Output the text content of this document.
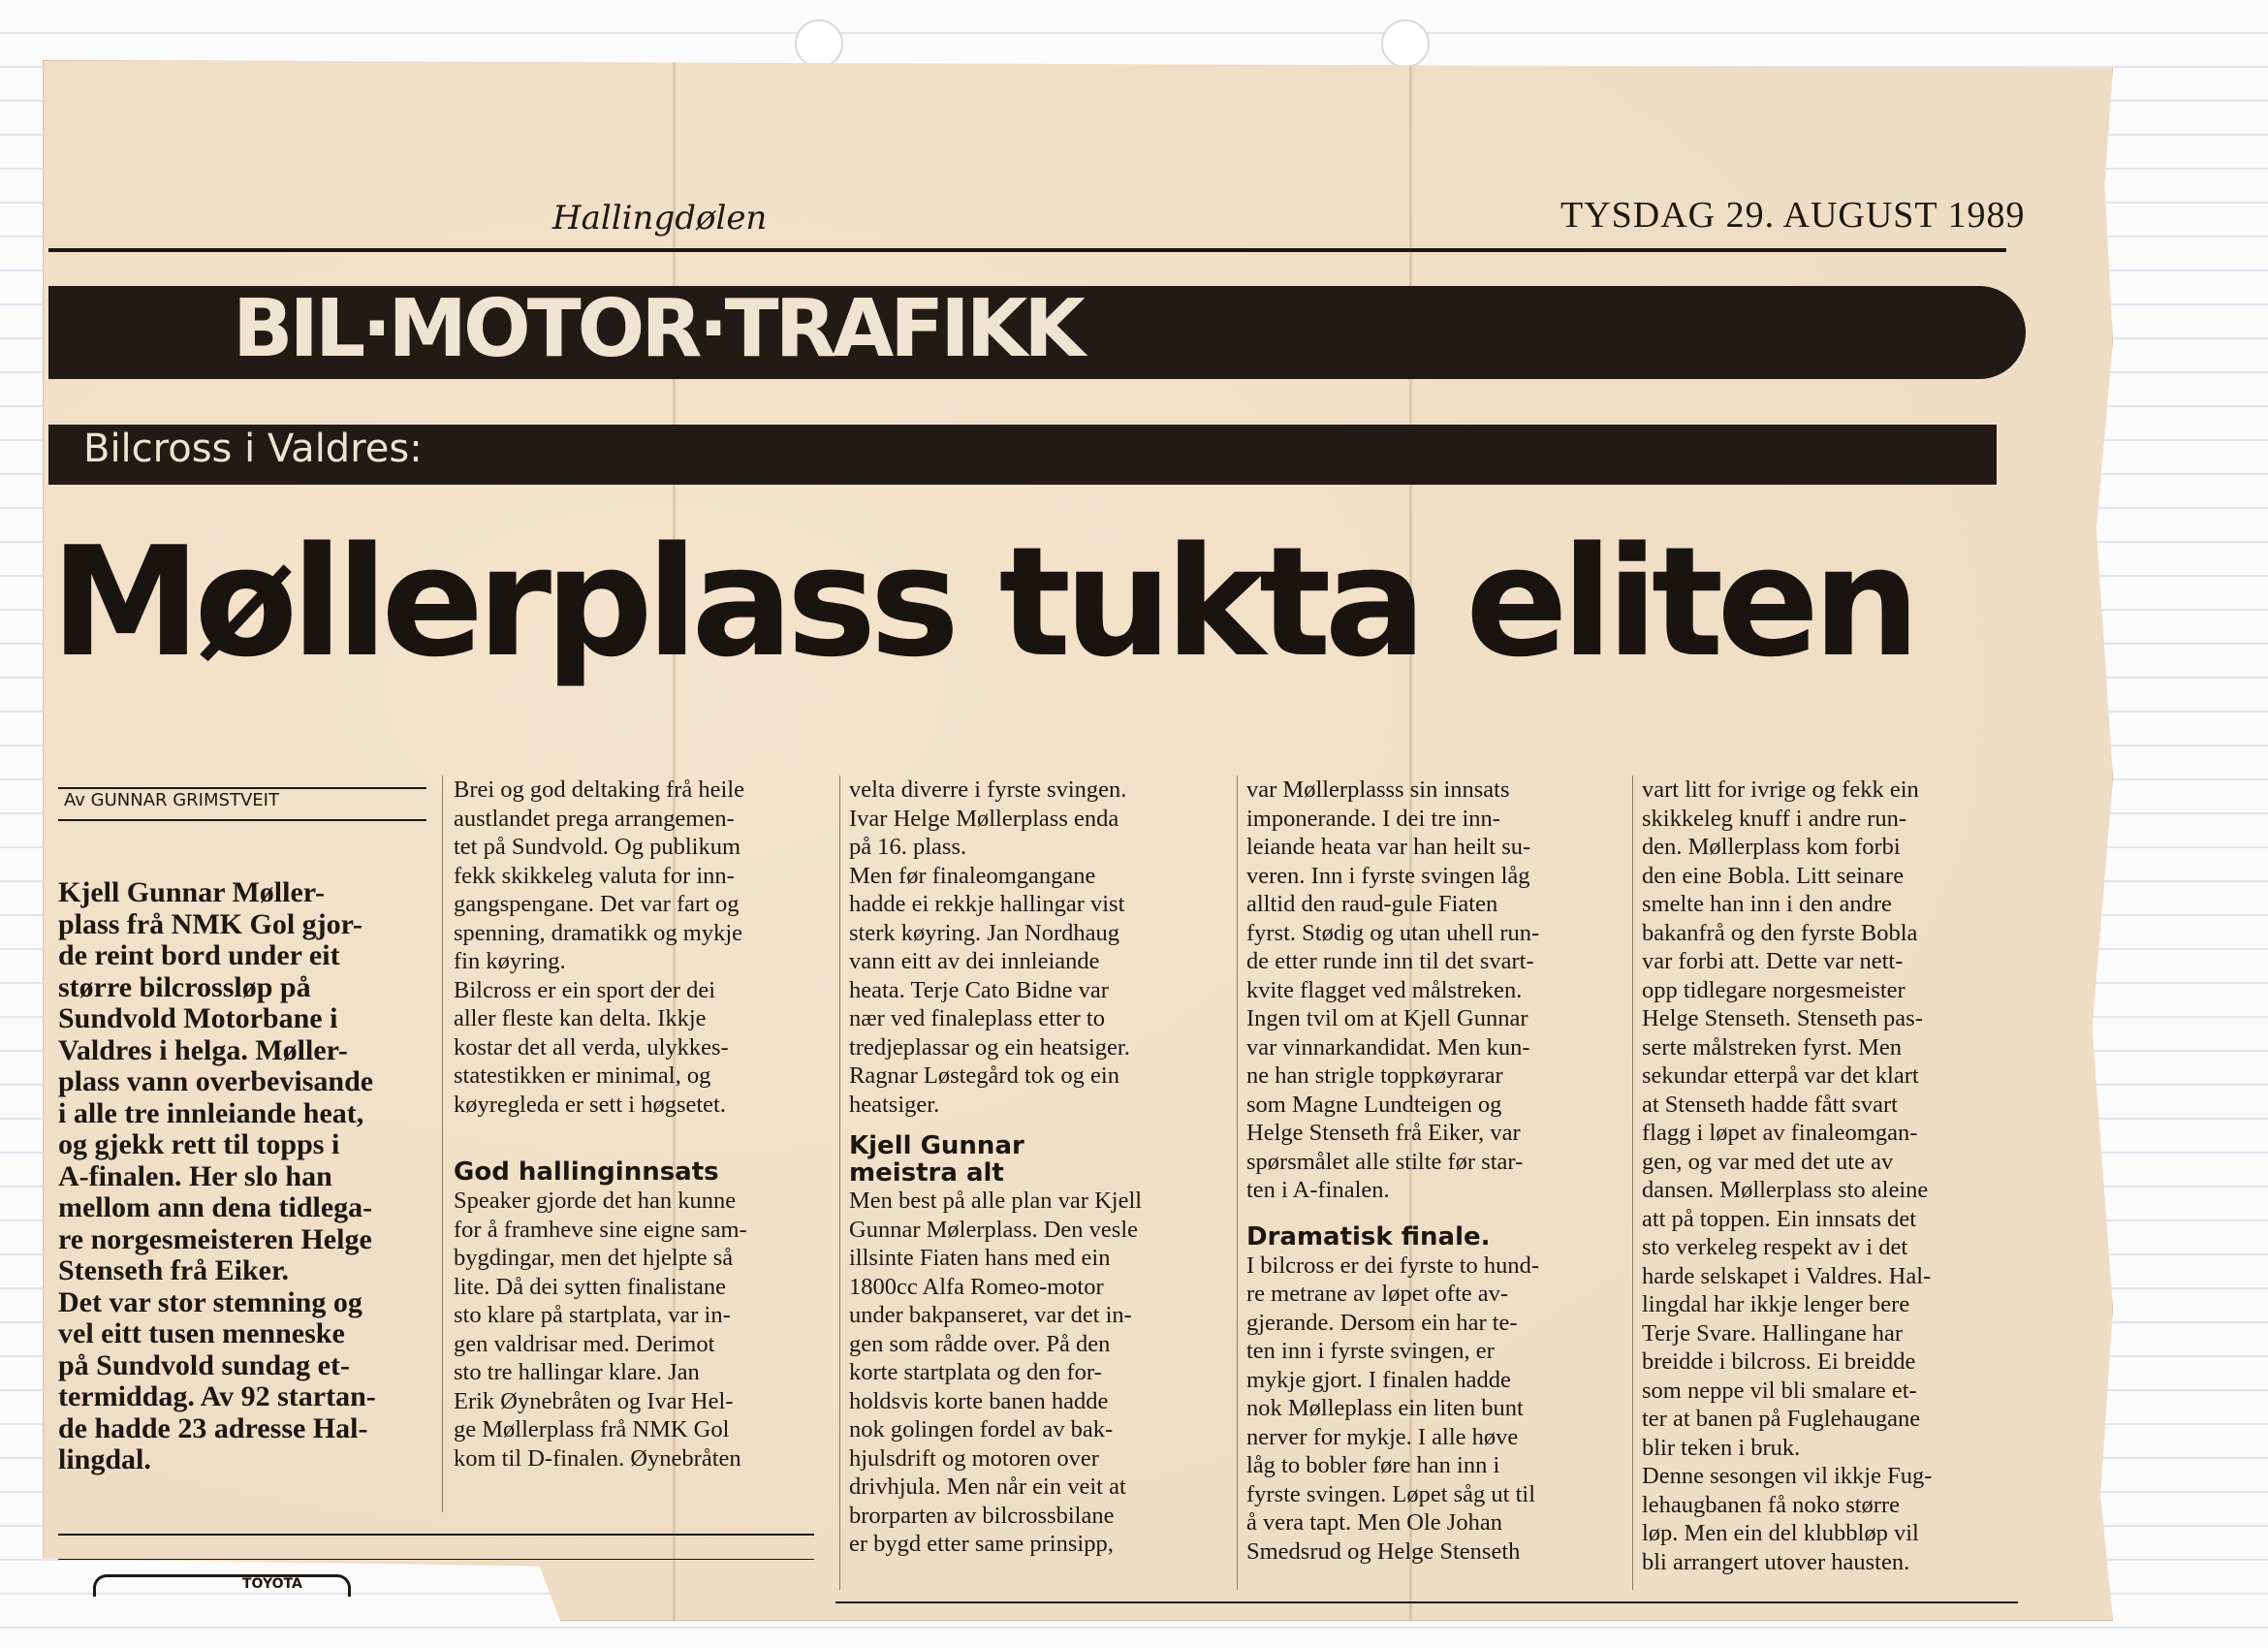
Hallingdølen	TYSDAG 29. AUGUST 1989
BIL·MOTOR·TRAFIKK
Bilcross i Valdres:
Møllerplass tukta eliten
Av GUNNAR GRIMSTVEIT

Kjell Gunnar Møller-
plass frå NMK Gol gjor-
de reint bord under eit
større bilcrossløp på
Sundvold Motorbane i
Valdres i helga. Møller-
plass vann overbevisande
i alle tre innleiande heat,
og gjekk rett til topps i
A-finalen. Her slo han
mellom ann dena tidlega-
re norgesmeisteren Helge
Stenseth frå Eiker.
Det var stor stemning og
vel eitt tusen menneske
på Sundvold sundag et-
termiddag. Av 92 startan-
de hadde 23 adresse Hal-
lingdal.

Brei og god deltaking frå heile
austlandet prega arrangemen-
tet på Sundvold. Og publikum
fekk skikkeleg valuta for inn-
gangspengane. Det var fart og
spenning, dramatikk og mykje
fin køyring.
Bilcross er ein sport der dei
aller fleste kan delta. Ikkje
kostar det all verda, ulykkes-
statestikken er minimal, og
køyregleda er sett i høgsetet.

God hallinginnsats

Speaker gjorde det han kunne
for å framheve sine eigne sam-
bygdingar, men det hjelpte så
lite. Då dei sytten finalistane
sto klare på startplata, var in-
gen valdrisar med. Derimot
sto tre hallingar klare. Jan
Erik Øynebråten og Ivar Hel-
ge Møllerplass frå NMK Gol
kom til D-finalen. Øynebråten

velta diverre i fyrste svingen.
Ivar Helge Møllerplass enda
på 16. plass.
Men før finaleomgangane
hadde ei rekkje hallingar vist
sterk køyring. Jan Nordhaug
vann eitt av dei innleiande
heata. Terje Cato Bidne var
nær ved finaleplass etter to
tredjeplassar og ein heatsiger.
Ragnar Løstegård tok og ein
heatsiger.

Kjell Gunnar
meistra alt

Men best på alle plan var Kjell
Gunnar Mølerplass. Den vesle
illsinte Fiaten hans med ein
1800cc Alfa Romeo-motor
under bakpanseret, var det in-
gen som rådde over. På den
korte startplata og den for-
holdsvis korte banen hadde
nok golingen fordel av bak-
hjulsdrift og motoren over
drivhjula. Men når ein veit at
brorparten av bilcrossbilane
er bygd etter same prinsipp,

var Møllerplasss sin innsats
imponerande. I dei tre inn-
leiande heata var han heilt su-
veren. Inn i fyrste svingen låg
alltid den raud-gule Fiaten
fyrst. Stødig og utan uhell run-
de etter runde inn til det svart-
kvite flagget ved målstreken.
Ingen tvil om at Kjell Gunnar
var vinnarkandidat. Men kun-
ne han strigle toppkøyrarar
som Magne Lundteigen og
Helge Stenseth frå Eiker, var
spørsmålet alle stilte før star-
ten i A-finalen.

Dramatisk finale.

I bilcross er dei fyrste to hund-
re metrane av løpet ofte av-
gjerande. Dersom ein har te-
ten inn i fyrste svingen, er
mykje gjort. I finalen hadde
nok Mølleplass ein liten bunt
nerver for mykje. I alle høve
låg to bobler føre han inn i
fyrste svingen. Løpet såg ut til
å vera tapt. Men Ole Johan
Smedsrud og Helge Stenseth

vart litt for ivrige og fekk ein
skikkeleg knuff i andre run-
den. Møllerplass kom forbi
den eine Bobla. Litt seinare
smelte han inn i den andre
bakanfrå og den fyrste Bobla
var forbi att. Dette var nett-
opp tidlegare norgesmeister
Helge Stenseth. Stenseth pas-
serte målstreken fyrst. Men
sekundar etterpå var det klart
at Stenseth hadde fått svart
flagg i løpet av finaleomgan-
gen, og var med det ute av
dansen. Møllerplass sto aleine
att på toppen. Ein innsats det
sto verkeleg respekt av i det
harde selskapet i Valdres. Hal-
lingdal har ikkje lenger bere
Terje Svare. Hallingane har
breidde i bilcross. Ei breidde
som neppe vil bli smalare et-
ter at banen på Fuglehaugane
blir teken i bruk.
Denne sesongen vil ikkje Fug-
lehaugbanen få noko større
løp. Men ein del klubbløp vil
bli arrangert utover hausten.

TOYOTA
